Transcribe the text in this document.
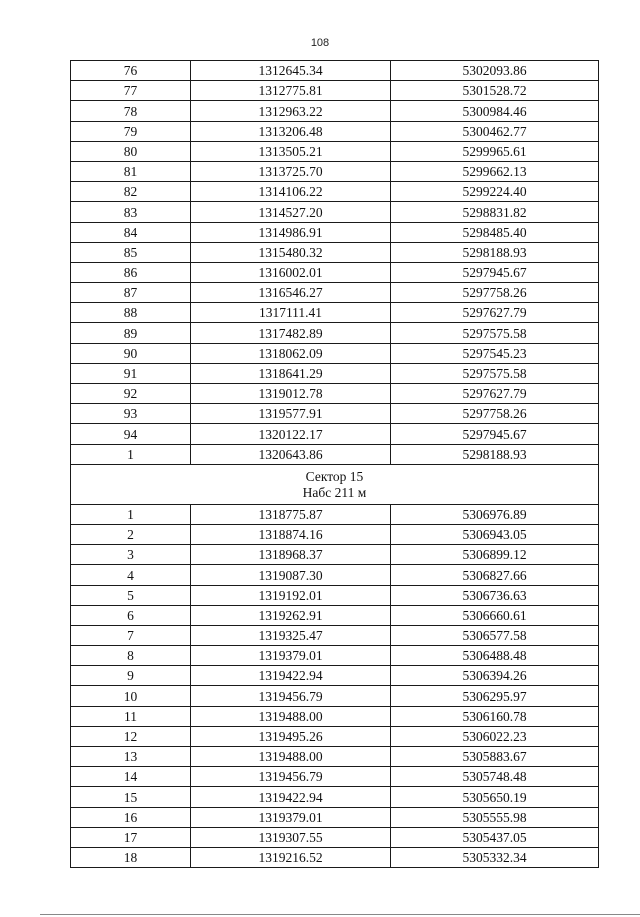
108
76	1312645.34	5302093.86
77	1312775.81	5301528.72
78	1312963.22	5300984.46
79	1313206.48	5300462.77
80	1313505.21	5299965.61
81	1313725.70	5299662.13
82	1314106.22	5299224.40
83	1314527.20	5298831.82
84	1314986.91	5298485.40
85	1315480.32	5298188.93
86	1316002.01	5297945.67
87	1316546.27	5297758.26
88	1317111.41	5297627.79
89	1317482.89	5297575.58
90	1318062.09	5297545.23
91	1318641.29	5297575.58
92	1319012.78	5297627.79
93	1319577.91	5297758.26
94	1320122.17	5297945.67
1	1320643.86	5298188.93

Сектор 15
Набс 211 м		

1	1318775.87	5306976.89
2	1318874.16	5306943.05
3	1318968.37	5306899.12
4	1319087.30	5306827.66
5	1319192.01	5306736.63
6	1319262.91	5306660.61
7	1319325.47	5306577.58
8	1319379.01	5306488.48
9	1319422.94	5306394.26
10	1319456.79	5306295.97
11	1319488.00	5306160.78
12	1319495.26	5306022.23
13	1319488.00	5305883.67
14	1319456.79	5305748.48
15	1319422.94	5305650.19
16	1319379.01	5305555.98
17	1319307.55	5305437.05
18	1319216.52	5305332.34
